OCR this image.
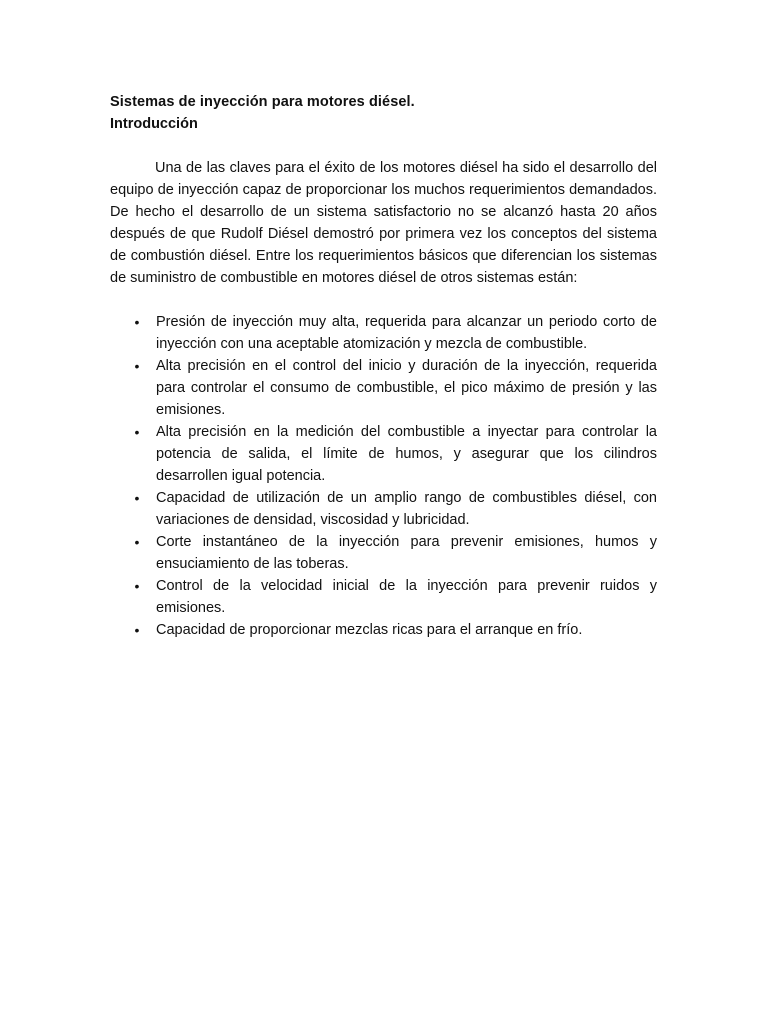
Sistemas de inyección para motores diésel.

Introducción

Una de las claves para el éxito de los motores diésel ha sido el desarrollo del equipo de inyección capaz de proporcionar los muchos requerimientos demandados. De hecho el desarrollo de un sistema satisfactorio no se alcanzó hasta 20 años después de que Rudolf Diésel demostró por primera vez los conceptos del sistema de combustión diésel. Entre los requerimientos básicos que diferencian los sistemas de suministro de combustible en motores diésel de otros sistemas están:

• Presión de inyección muy alta, requerida para alcanzar un periodo corto de inyección con una aceptable atomización y mezcla de combustible.
• Alta precisión en el control del inicio y duración de la inyección, requerida para controlar el consumo de combustible, el pico máximo de presión y las emisiones.
• Alta precisión en la medición del combustible a inyectar para controlar la potencia de salida, el límite de humos, y asegurar que los cilindros desarrollen igual potencia.
• Capacidad de utilización de un amplio rango de combustibles diésel, con variaciones de densidad, viscosidad y lubricidad.
• Corte instantáneo de la inyección para prevenir emisiones, humos y ensuciamiento de las toberas.
• Control de la velocidad inicial de la inyección para prevenir ruidos y emisiones.
• Capacidad de proporcionar mezclas ricas para el arranque en frío.
